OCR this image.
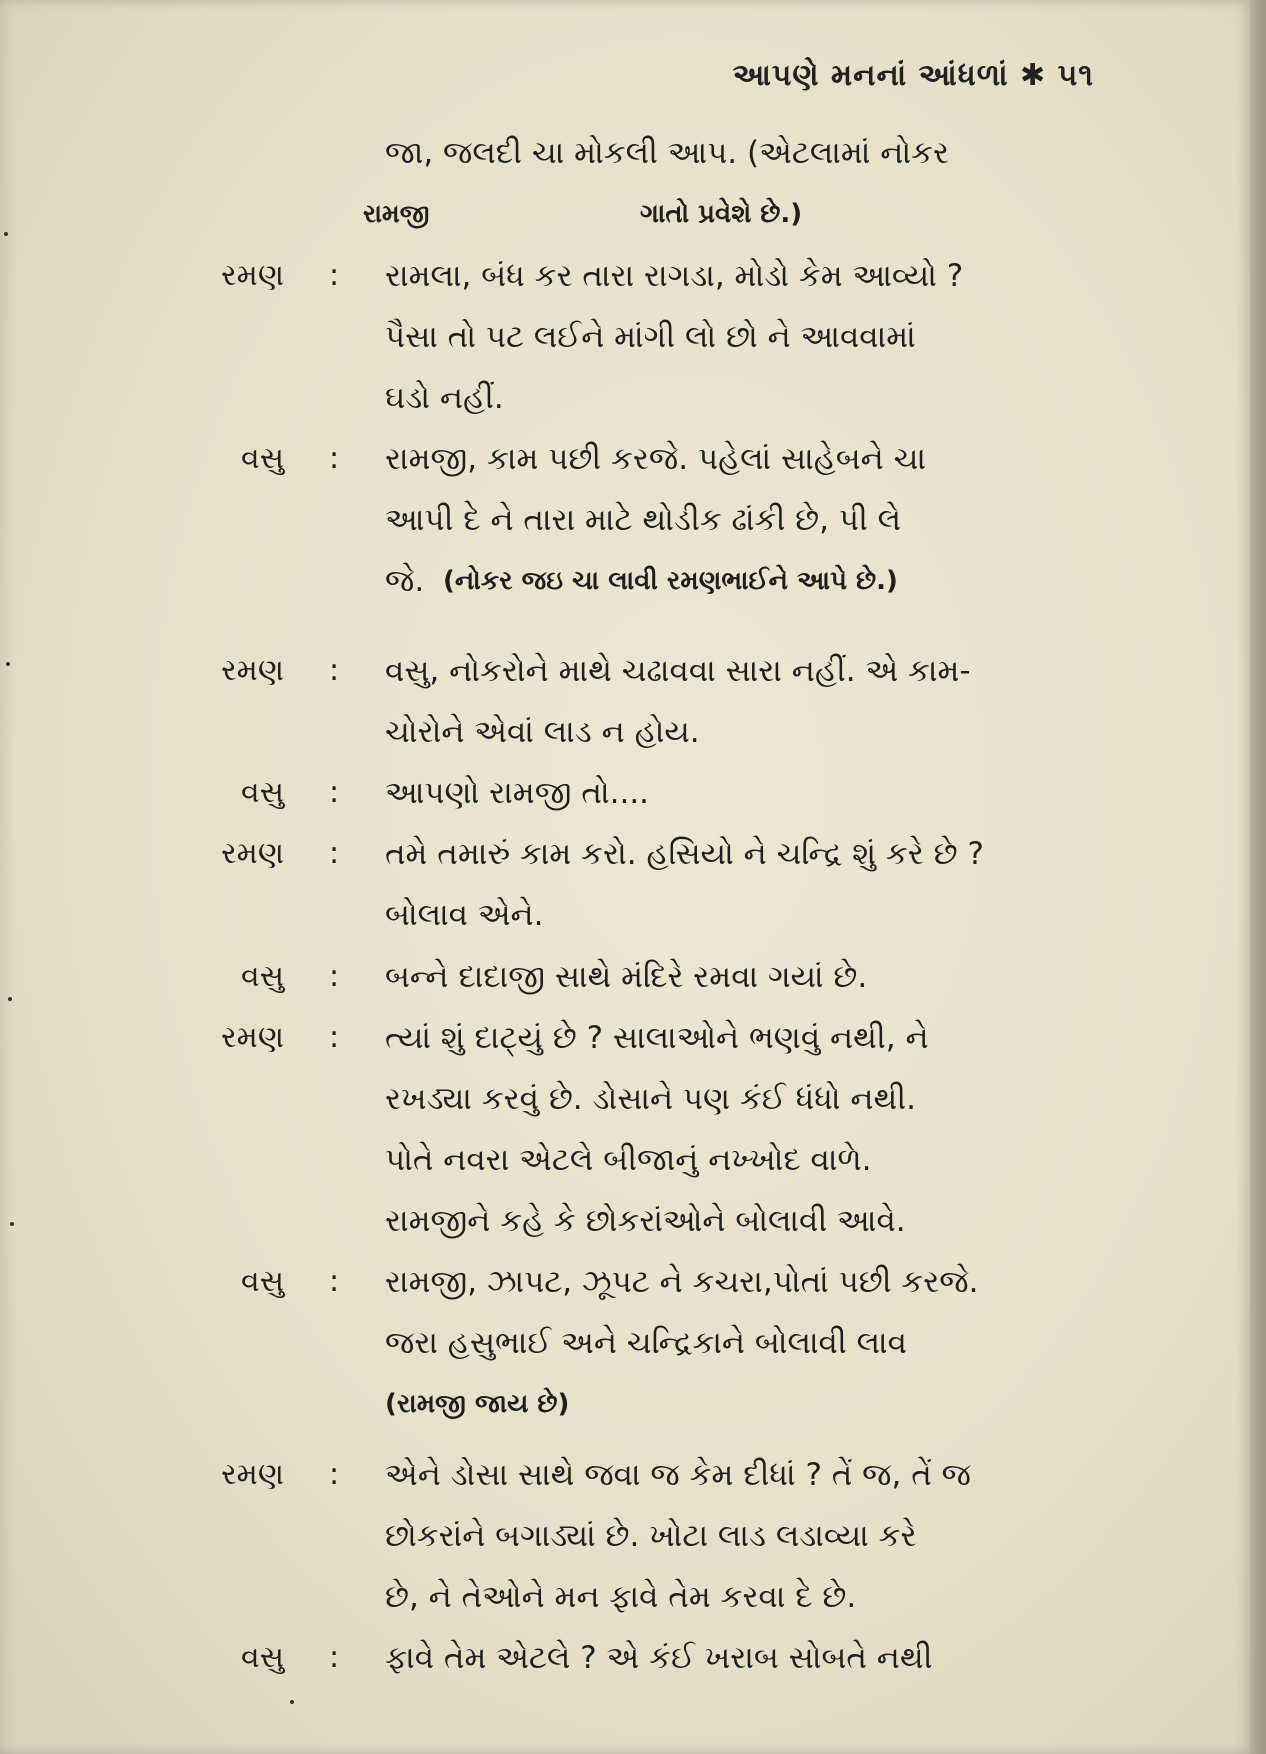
આપણે મનનાં આંધળાં ✱ ૫૧
જા, જલદી ચા મોકલી આપ. (એટલામાં નોકર
રામજી	ગાતો પ્રવેશે છે.)
રમણ : રામલા, બંધ કર તારા રાગડા, મોડો કેમ આવ્યો ?
પૈસા તો પટ લઈને માંગી લો છો ને આવવામાં
ઘડો નહીં.
વસુ : રામજી, કામ પછી કરજે. પહેલાં સાહેબને ચા
આપી દે ને તારા માટે થોડીક ઢાંકી છે, પી લે
જે. (નોકર જઇ ચા લાવી રમણભાઈને આપે છે.)
રમણ : વસુ, નોકરોને માથે ચઢાવવા સારા નહીં. એ કામ-
ચોરોને એવાં લાડ ન હોય.
વસુ : આપણો રામજી તો....
રમણ : તમે તમારું કામ કરો. હસિયો ને ચન્દ્રિ શું કરે છે ?
બોલાવ એને.
વસુ : બન્ને દાદાજી સાથે મંદિરે રમવા ગયાં છે.
રમણ : ત્યાં શું દાટ્યું છે ? સાલાઓને ભણવું નથી, ને
રખડ્યા કરવું છે. ડોસાને પણ કંઈ ધંધો નથી.
પોતે નવરા એટલે બીજાનું નખ્ખોદ વાળે.
રામજીને કહે કે છોકરાંઓને બોલાવી આવે.
વસુ : રામજી, ઝાપટ, ઝૂપટ ને કચરા,પોતાં પછી કરજે.
જરા હસુભાઈ અને ચન્દ્રિકાને બોલાવી લાવ
(રામજી જાય છે)
રમણ : એને ડોસા સાથે જવા જ કેમ દીધાં ? તેં જ, તેં જ
છોકરાંને બગાડ્યાં છે. ખોટા લાડ લડાવ્યા કરે
છે, ને તેઓને મન ફાવે તેમ કરવા દે છે.
વસુ : ફાવે તેમ એટલે ? એ કંઈ ખરાબ સોબતે નથી
